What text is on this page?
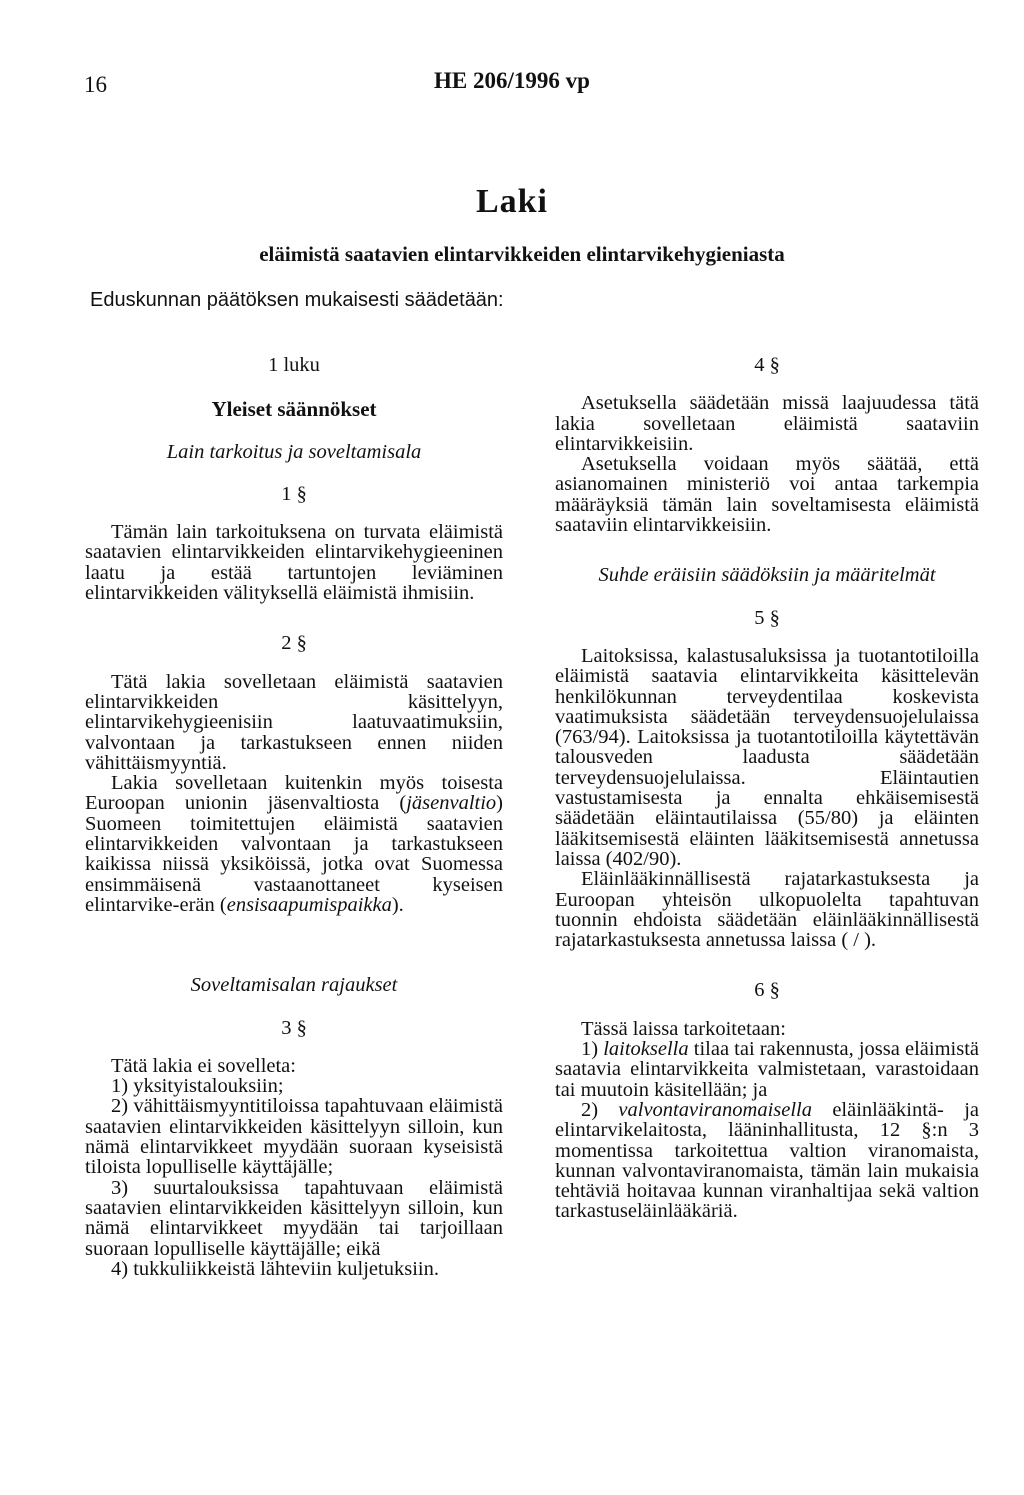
16	HE 206/1996 vp
Laki
eläimistä saatavien elintarvikkeiden elintarvikehygieniasta
Eduskunnan päätöksen mukaisesti säädetään:
1 luku
Yleiset säännökset
Lain tarkoitus ja soveltamisala
1 §

Tämän lain tarkoituksena on turvata eläimistä saatavien elintarvikkeiden elintarvikehygieeninen laatu ja estää tartuntojen leviäminen elintarvikkeiden välityksellä eläimistä ihmisiin.

2 §

Tätä lakia sovelletaan eläimistä saatavien elintarvikkeiden käsittelyyn, elintarvikehygieenisiin laatuvaatimuksiin, valvontaan ja tarkastukseen ennen niiden vähittäismyyntiä.

Lakia sovelletaan kuitenkin myös toisesta Euroopan unionin jäsenvaltiosta (jäsenvaltio) Suomeen toimitettujen eläimistä saatavien elintarvikkeiden valvontaan ja tarkastukseen kaikissa niissä yksiköissä, jotka ovat Suomessa ensimmäisenä vastaanottaneet kyseisen elintarvike-erän (ensisaapumispaikka).

Soveltamisalan rajaukset
3 §

Tätä lakia ei sovelleta:

1) yksityistalouksiin;

2) vähittäismyyntitiloissa tapahtuvaan eläimistä saatavien elintarvikkeiden käsittelyyn silloin, kun nämä elintarvikkeet myydään suoraan kyseisistä tiloista lopulliselle käyttäjälle;

3) suurtalouksissa tapahtuvaan eläimistä saatavien elintarvikkeiden käsittelyyn silloin, kun nämä elintarvikkeet myydään tai tarjoillaan suoraan lopulliselle käyttäjälle; eikä

4) tukkuliikkeistä lähteviin kuljetuksiin.

4 §

Asetuksella säädetään missä laajuudessa tätä lakia sovelletaan eläimistä saataviin elintarvikkeisiin.

Asetuksella voidaan myös säätää, että asianomainen ministeriö voi antaa tarkempia määräyksiä tämän lain soveltamisesta eläimistä saataviin elintarvikkeisiin.

Suhde eräisiin säädöksiin ja määritelmät
5 §

Laitoksissa, kalastusaluksissa ja tuotantotiloilla eläimistä saatavia elintarvikkeita käsittelevän henkilökunnan terveydentilaa koskevista vaatimuksista säädetään terveydensuojelulaissa (763/94). Laitoksissa ja tuotantotiloilla käytettävän talousveden laadusta säädetään terveydensuojelulaissa. Eläintautien vastustamisesta ja ennalta ehkäisemisestä säädetään eläintautilaissa (55/80) ja eläinten lääkitsemisestä eläinten lääkitsemisestä annetussa laissa (402/90).

Eläinlääkinnällisestä rajatarkastuksesta ja Euroopan yhteisön ulkopuolelta tapahtuvan tuonnin ehdoista säädetään eläinlääkinnällisestä rajatarkastuksesta annetussa laissa ( / ).

6 §

Tässä laissa tarkoitetaan:

1) laitoksella tilaa tai rakennusta, jossa eläimistä saatavia elintarvikkeita valmistetaan, varastoidaan tai muutoin käsitellään; ja

2) valvontaviranomaisella eläinlääkintä- ja elintarvikelaitosta, lääninhallitusta, 12 §:n 3 momentissa tarkoitettua valtion viranomaista, kunnan valvontaviranomaista, tämän lain mukaisia tehtäviä hoitavaa kunnan viranhaltijaa sekä valtion tarkastuseläinlääkäriä.
